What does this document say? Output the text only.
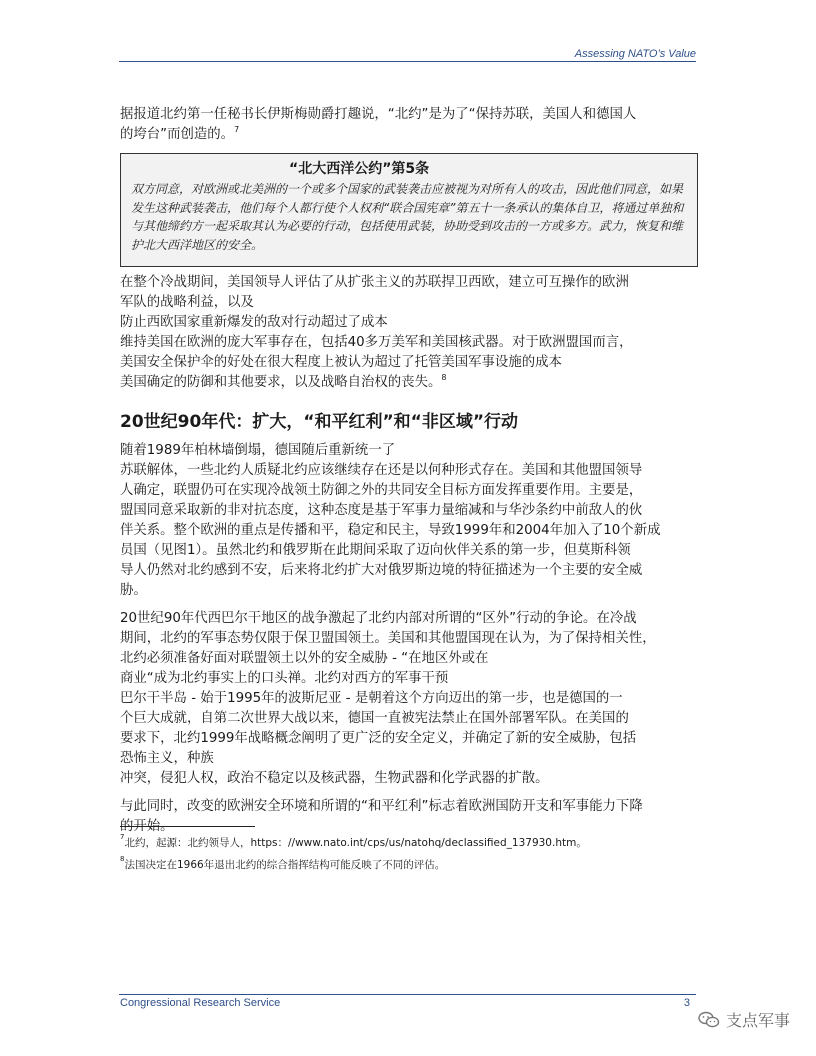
Assessing NATO’s Value

据报道北约第一任秘书长伊斯梅勋爵打趣说，“北约”是为了“保持苏联，美国人和德国人
的垮台”而创造的。$^7$

“北大西洋公约”第5条
双方同意，对欧洲或北美洲的一个或多个国家的武装袭击应被视为对所有人的攻击，因此他们同意，如果
发生这种武装袭击，他们每个人都行使个人权利“联合国宪章”第五十一条承认的集体自卫，将通过单独和
与其他缔约方一起采取其认为必要的行动，包括使用武装，协助受到攻击的一方或多方。武力，恢复和维
护北大西洋地区的安全。

在整个冷战期间，美国领导人评估了从扩张主义的苏联捍卫西欧，建立可互操作的欧洲
军队的战略利益，以及
防止西欧国家重新爆发的敌对行动超过了成本
维持美国在欧洲的庞大军事存在，包括40多万美军和美国核武器。对于欧洲盟国而言，
美国安全保护伞的好处在很大程度上被认为超过了托管美国军事设施的成本
美国确定的防御和其他要求，以及战略自治权的丧失。$^8$

20世纪90年代：扩大，“和平红利”和“非区域”行动

随着1989年柏林墙倒塌，德国随后重新统一了
苏联解体，一些北约人质疑北约应该继续存在还是以何种形式存在。美国和其他盟国领导
人确定，联盟仍可在实现冷战领土防御之外的共同安全目标方面发挥重要作用。主要是，
盟国同意采取新的非对抗态度，这种态度是基于军事力量缩减和与华沙条约中前敌人的伙
伴关系。整个欧洲的重点是传播和平，稳定和民主，导致1999年和2004年加入了10个新成
员国（见图1）。虽然北约和俄罗斯在此期间采取了迈向伙伴关系的第一步，但莫斯科领
导人仍然对北约感到不安，后来将北约扩大对俄罗斯边境的特征描述为一个主要的安全威
胁。

20世纪90年代西巴尔干地区的战争激起了北约内部对所谓的“区外”行动的争论。在冷战
期间，北约的军事态势仅限于保卫盟国领土。美国和其他盟国现在认为，为了保持相关性，
北约必须准备好面对联盟领土以外的安全威胁 - “在地区外或在
商业“成为北约事实上的口头禅。北约对西方的军事干预
巴尔干半岛 - 始于1995年的波斯尼亚 - 是朝着这个方向迈出的第一步，也是德国的一
个巨大成就，自第二次世界大战以来，德国一直被宪法禁止在国外部署军队。在美国的
要求下，北约1999年战略概念阐明了更广泛的安全定义，并确定了新的安全威胁，包括
恐怖主义，种族
冲突，侵犯人权，政治不稳定以及核武器，生物武器和化学武器的扩散。

与此同时，改变的欧洲安全环境和所谓的“和平红利”标志着欧洲国防开支和军事能力下降
的开始。

$^7$北约，起源：北约领导人，https：//www.nato.int/cps/us/natohq/declassified_137930.htm。
$^8$法国决定在1966年退出北约的综合指挥结构可能反映了不同的评估。
Congressional Research Service	3
支点军事
